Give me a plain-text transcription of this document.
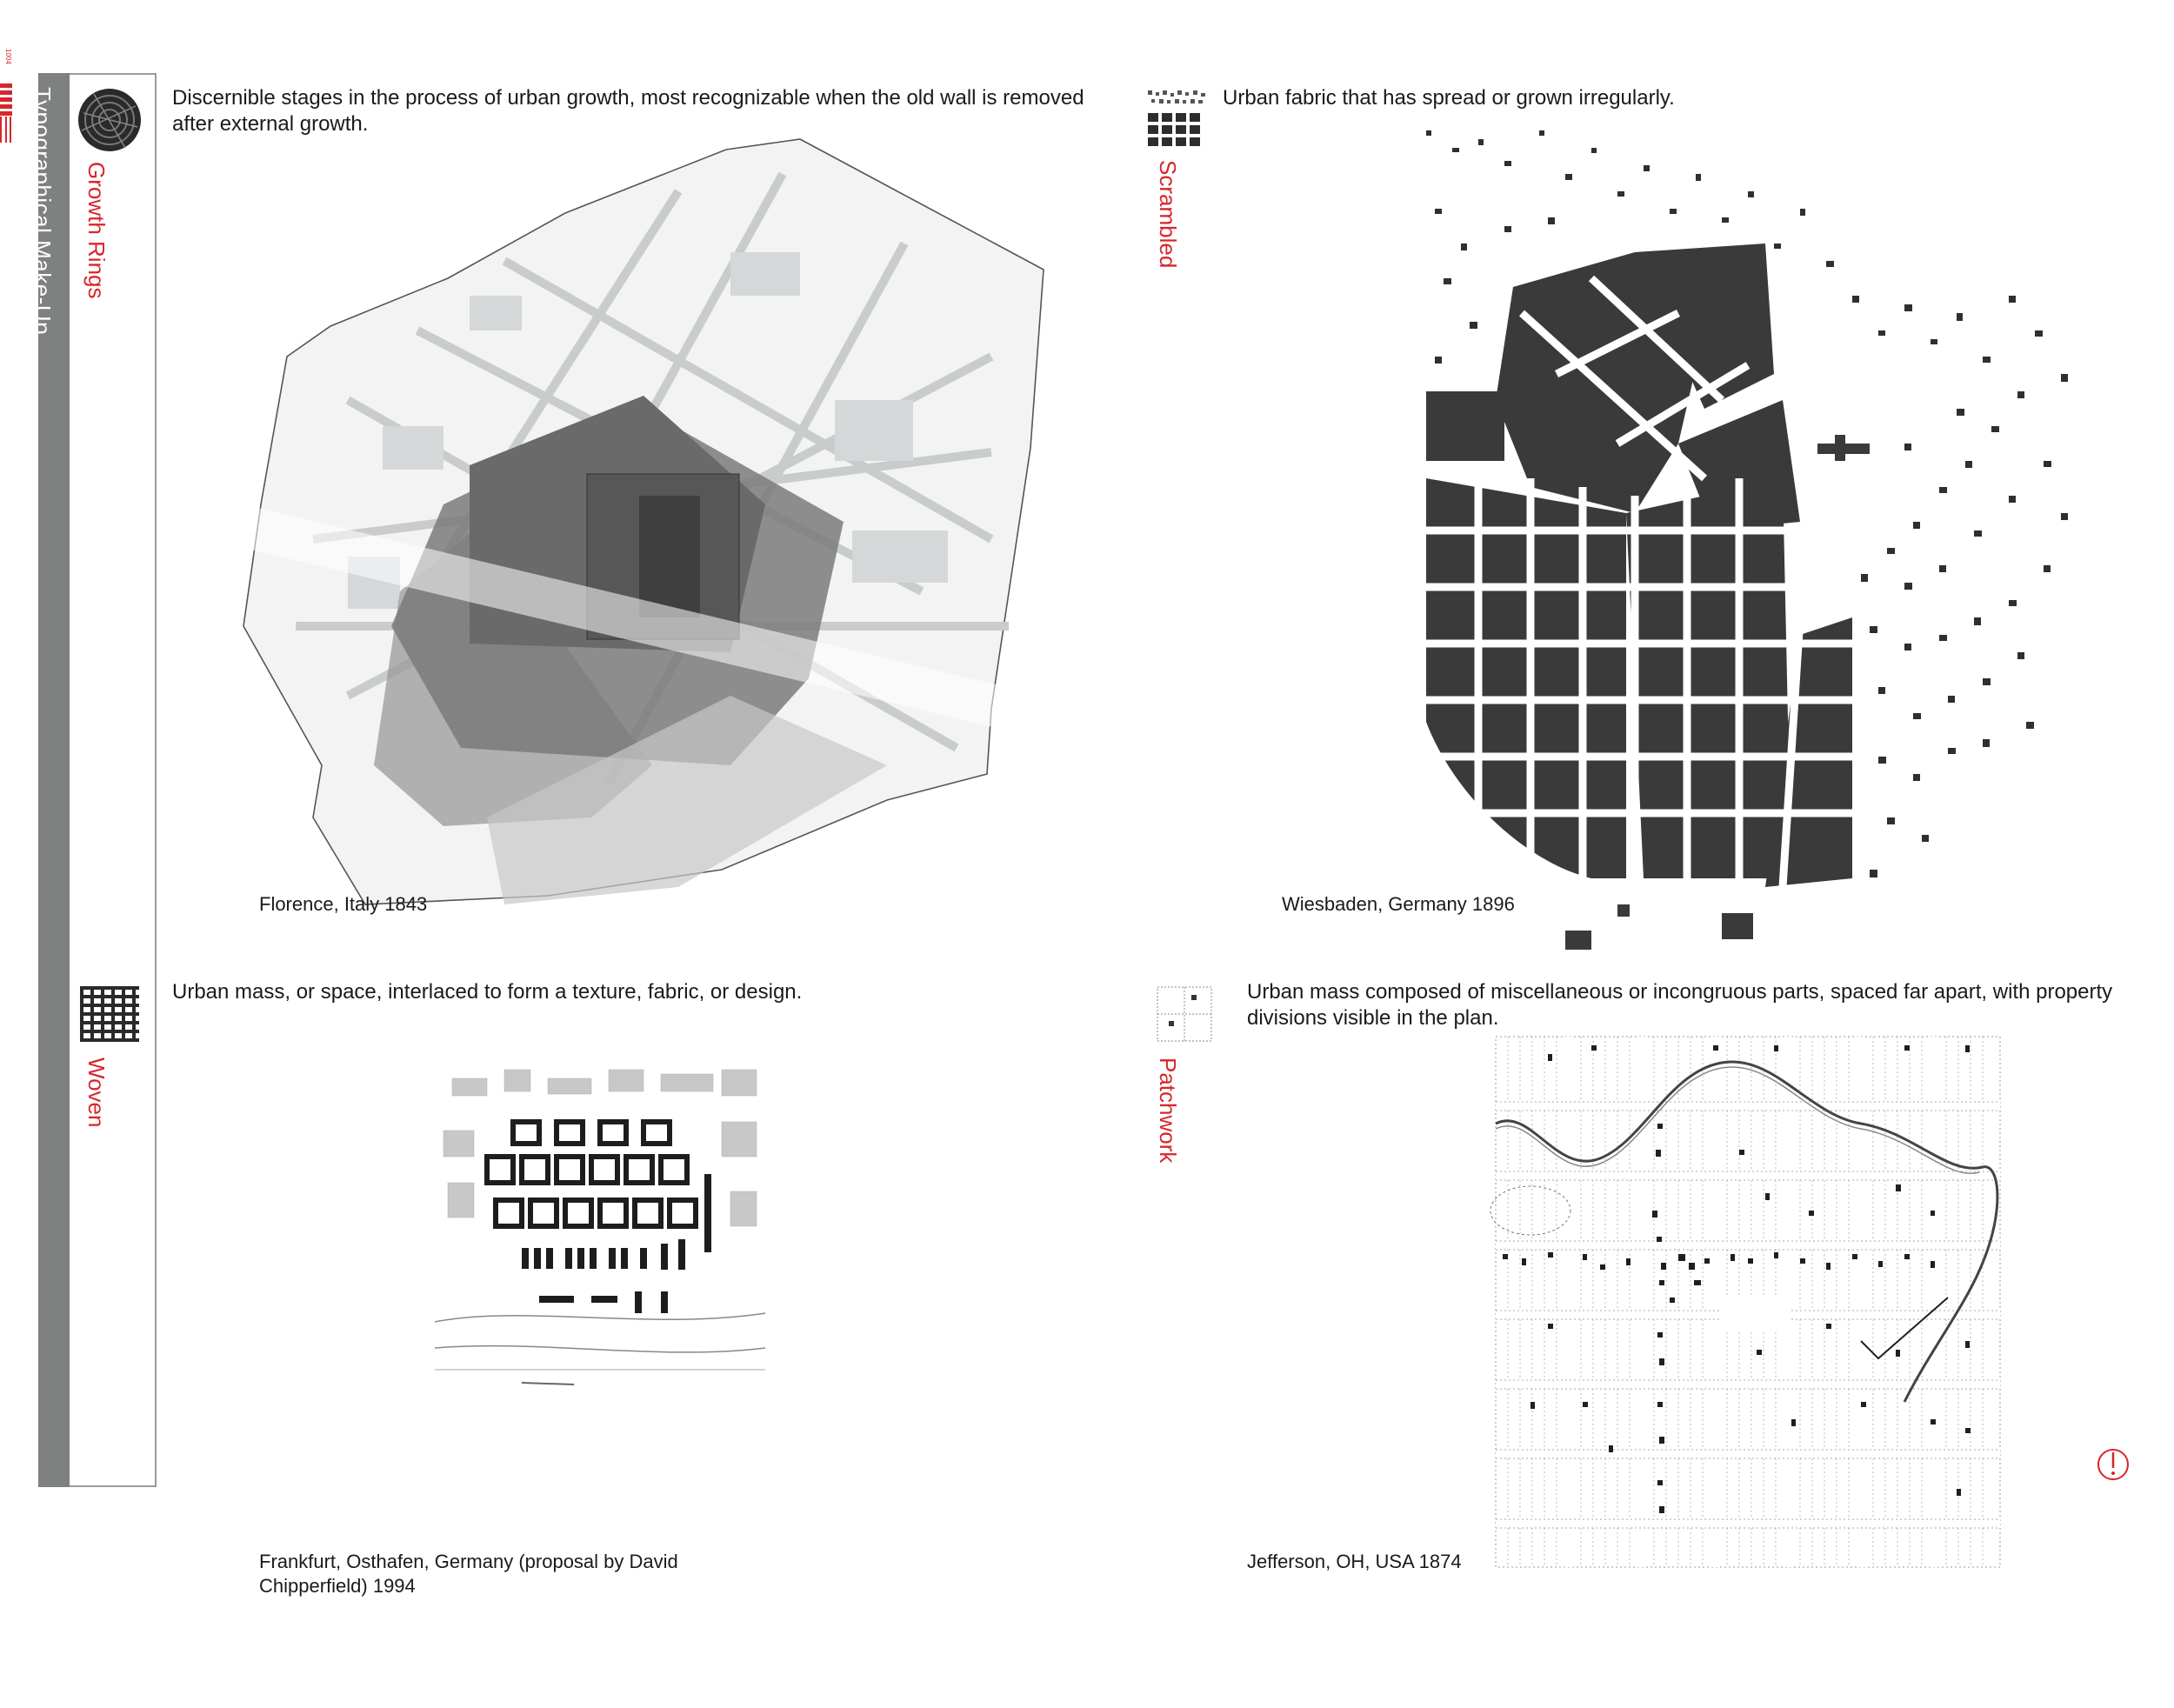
1004
Typographical Make-Up Growth Rings
Discernible stages in the process of urban growth, most recognizable when the old wall is removed after external growth.
Florence, Italy 1843
Scrambled
Urban fabric that has spread or grown irregularly.
Wiesbaden, Germany 1896
Woven
Urban mass, or space, interlaced to form a texture, fabric, or design.
Frankfurt, Osthafen, Germany (proposal by David Chipperfield) 1994
Patchwork
Urban mass composed of miscellaneous or incongruous parts, spaced far apart, with property divisions visible in the plan.
Jefferson, OH, USA 1874
